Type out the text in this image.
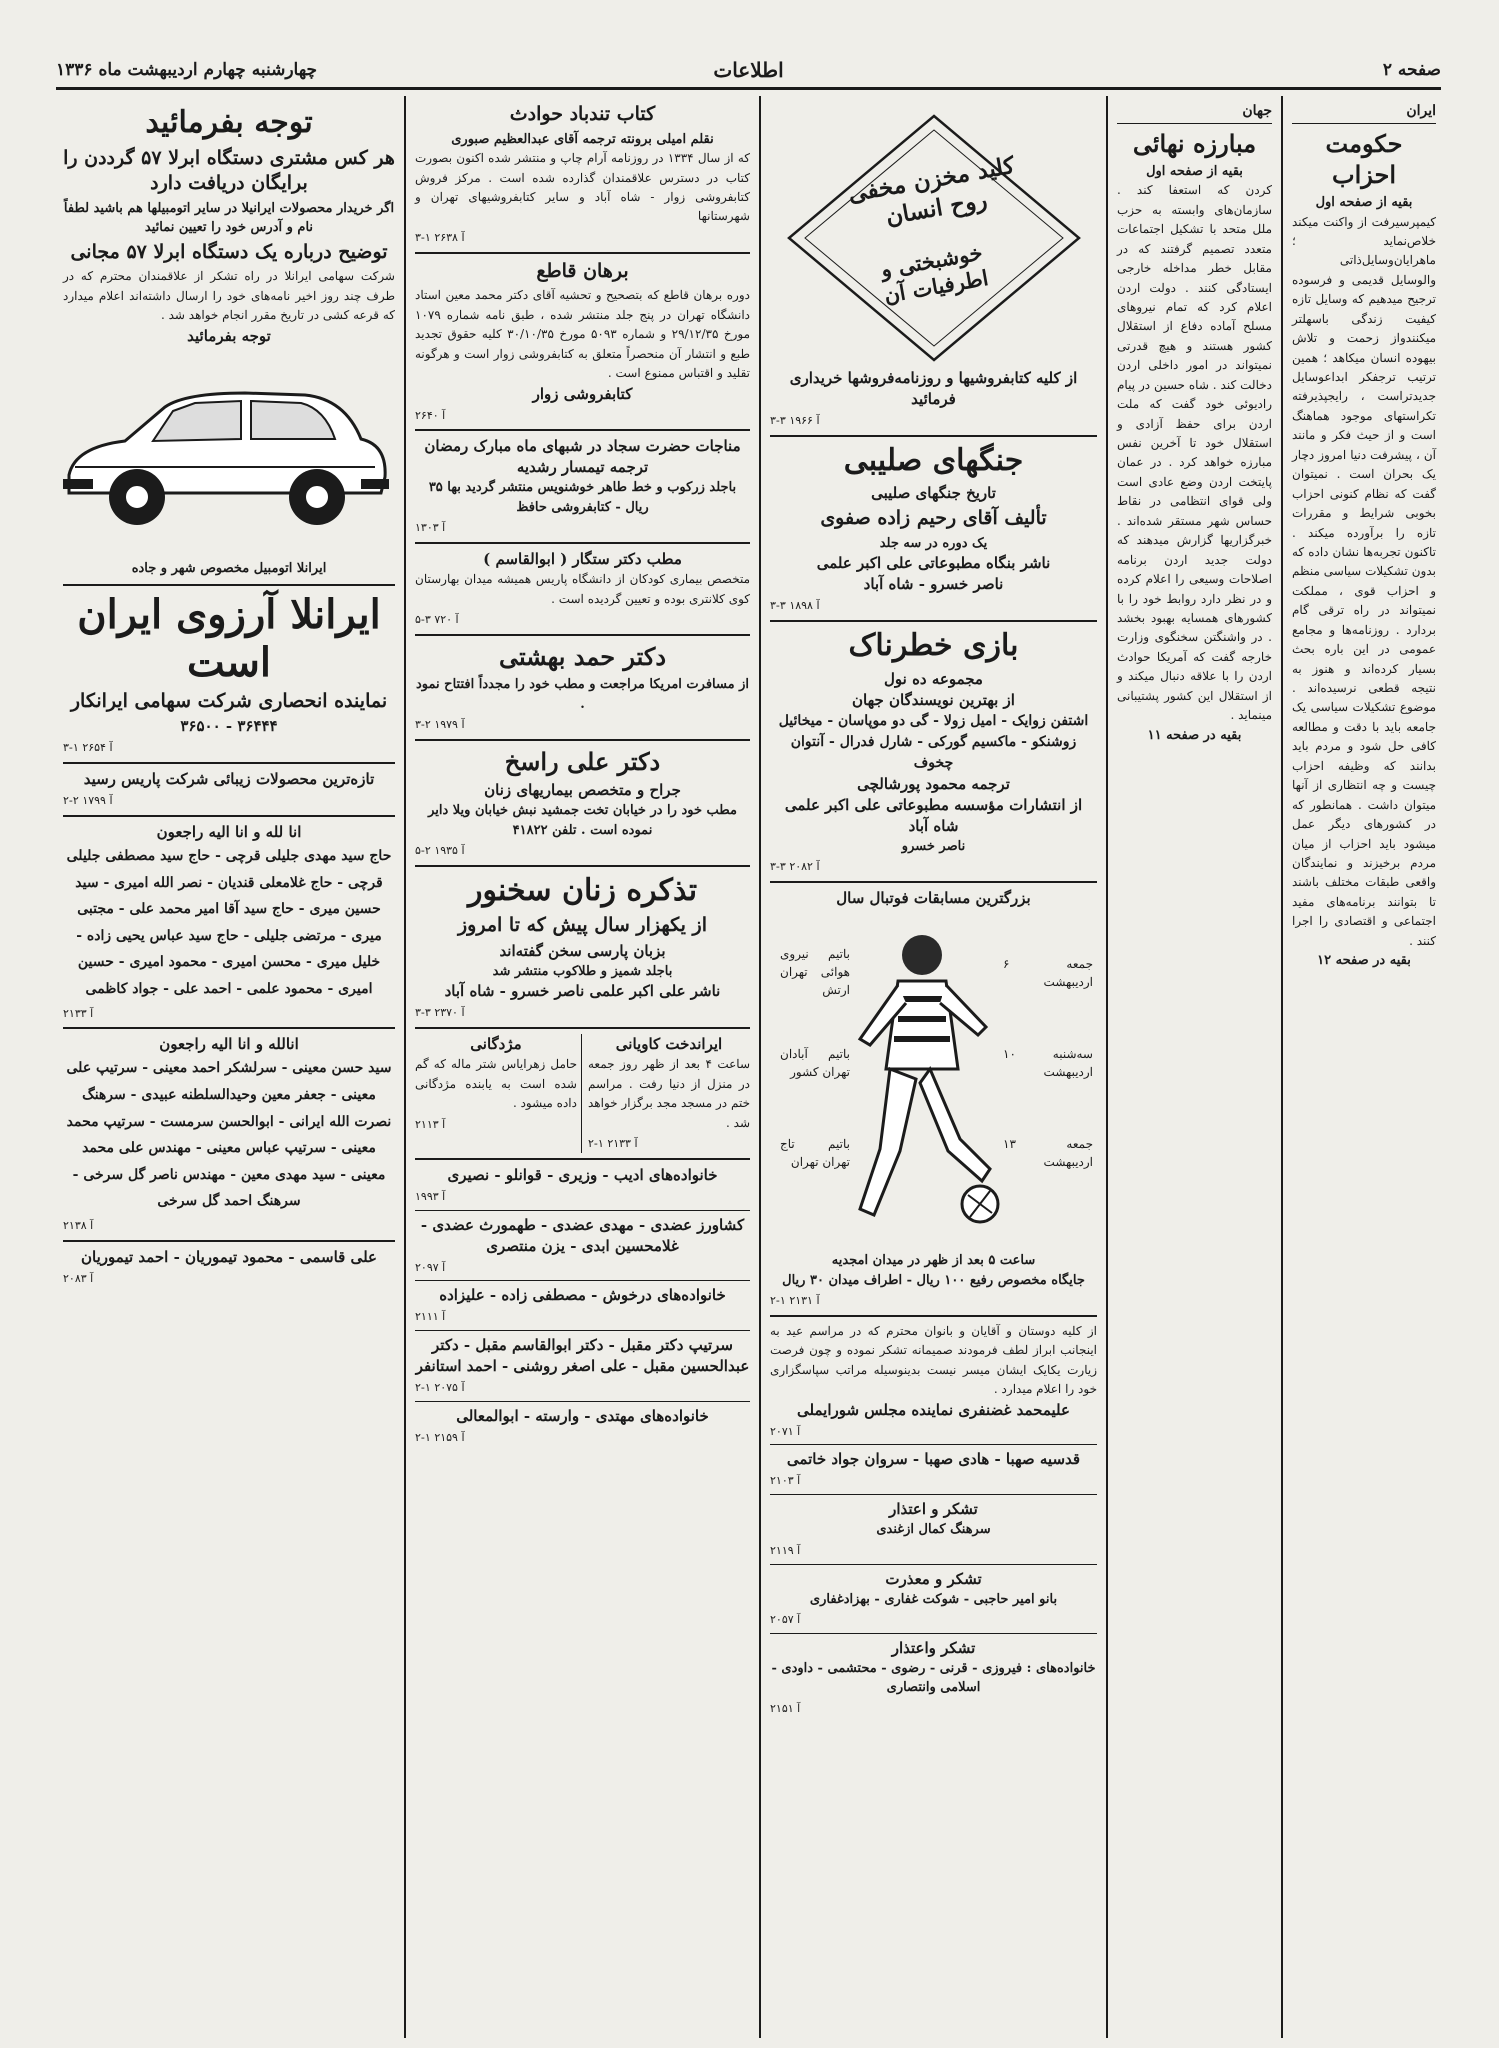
صفحه ۲
اطلاعات
چهارشنبه چهارم اردیبهشت ماه ۱۳۳۶
ایران
حکومت احزاب
بقیه از صفحه اول
کیمپرسیرفت از واکنت میکند خلاص‌نماید ؛ ماهرایان‌وسایل‌ذاتی والوسایل قدیمی و فرسوده ترجیح میدهیم که وسایل تازه کیفیت زندگی باسهلتر میکنندواز زحمت و تلاش بیهوده انسان میکاهد ؛ همین ترتیب ترجفکر ابداعوسایل جدیدتراست ، رایجپذیرفته تکراستهای موجود هماهنگ است و از حیث فکر و مانند آن ، پیشرفت دنیا امروز دچار یک بحران است . نمیتوان گفت که نظام کنونی احزاب بخوبی شرایط و مقررات تازه را برآورده میکند . تاکنون تجربه‌ها نشان داده که بدون تشکیلات سیاسی منظم و احزاب قوی ، مملکت نمیتواند در راه ترقی گام بردارد . روزنامه‌ها و مجامع عمومی در این باره بحث بسیار کرده‌اند و هنوز به نتیجه قطعی نرسیده‌اند . موضوع تشکیلات سیاسی یک جامعه باید با دقت و مطالعه کافی حل شود و مردم باید بدانند که وظیفه احزاب چیست و چه انتظاری از آنها میتوان داشت . همانطور که در کشورهای دیگر عمل میشود باید احزاب از میان مردم برخیزند و نمایندگان واقعی طبقات مختلف باشند تا بتوانند برنامه‌های مفید اجتماعی و اقتصادی را اجرا کنند .
بقیه در صفحه ۱۲
جهان
مبارزه نهائی
بقیه از صفحه اول
کردن که استعفا کند . سازمان‌های وابسته به حزب ملل متحد با تشکیل اجتماعات متعدد تصمیم گرفتند که در مقابل خطر مداخله خارجی ایستادگی کنند . دولت اردن اعلام کرد که تمام نیروهای مسلح آماده دفاع از استقلال کشور هستند و هیچ قدرتی نمیتواند در امور داخلی اردن دخالت کند . شاه حسین در پیام رادیوئی خود گفت که ملت اردن برای حفظ آزادی و استقلال خود تا آخرین نفس مبارزه خواهد کرد . در عمان پایتخت اردن وضع عادی است ولی قوای انتظامی در نقاط حساس شهر مستقر شده‌اند . خبرگزاریها گزارش میدهند که دولت جدید اردن برنامه اصلاحات وسیعی را اعلام کرده و در نظر دارد روابط خود را با کشورهای همسایه بهبود بخشد . در واشنگتن سخنگوی وزارت خارجه گفت که آمریکا حوادث اردن را با علاقه دنبال میکند و از استقلال این کشور پشتیبانی مینماید .
بقیه در صفحه ۱۱
کلید مخزن مخفی روح انسان
خوشبختی و اطرفیات آن
از کلیه کتابفروشیها و روزنامه‌فروشها خریداری فرمائید
آ ۱۹۶۶ ۳-۳
جنگهای صلیبی
تاریخ جنگهای صلیبی
تألیف آقای رحیم زاده صفوی
یک دوره در سه جلد
ناشر بنگاه مطبوعاتی علی اکبر علمی
ناصر خسرو - شاه آباد
آ ۱۸۹۸ ۳-۳
بازی خطرناک
مجموعه ده نول
از بهترین نویسندگان جهان
اشتفن زوایک - امیل زولا - گی دو موپاسان - میخائیل زوشنکو - ماکسیم گورکی - شارل فدرال - آنتوان چخوف
ترجمه محمود پورشالچی
از انتشارات مؤسسه مطبوعاتی علی اکبر علمی شاه آباد
ناصر خسرو
آ ۲۰۸۲ ۳-۳
بزرگترین مسابقات فوتبال سال
جمعه ۶ اردیبهشت
باتیم نیروی هوائی تهران ارتش
سه‌شنبه ۱۰ اردیبهشت
باتیم آبادان تهران کشور
جمعه ۱۳ اردیبهشت
باتیم تاج تهران تهران
ساعت ۵ بعد از ظهر در میدان امجدیه
جایگاه مخصوص رفیع ۱۰۰ ریال - اطراف میدان ۳۰ ریال
آ ۲۱۳۱ ۱-۲
از کلیه دوستان و آقایان و بانوان محترم که در مراسم عید به اینجانب ابراز لطف فرمودند صمیمانه تشکر نموده و چون فرصت زیارت یکایک ایشان میسر نیست بدینوسیله مراتب سپاسگزاری خود را اعلام میدارد .
علیمحمد غضنفری نماینده مجلس شورایملی
آ ۲۰۷۱
قدسیه صهبا - هادی صهبا - سروان جواد خاتمی
آ ۲۱۰۳
تشکر و اعتذار
سرهنگ کمال ازغندی
آ ۲۱۱۹
تشکر و معذرت
بانو امیر حاجبی - شوکت غفاری - بهزادغفاری
آ ۲۰۵۷
تشکر واعتذار
خانواده‌های : فیروزی - قرنی - رضوی - محتشمی - داودی - اسلامی وانتصاری
آ ۲۱۵۱
کتاب تندباد حوادث
نقلم امیلی برونته ترجمه آقای عبدالعظیم صبوری
که از سال ۱۳۳۴ در روزنامه آرام چاپ و منتشر شده اکنون بصورت کتاب در دسترس علاقمندان گذارده شده است . مرکز فروش کتابفروشی زوار - شاه آباد و سایر کتابفروشیهای تهران و شهرستانها
آ ۲۶۳۸ ۱-۳
برهان قاطع
دوره برهان قاطع که بتصحیح و تحشیه آقای دکتر محمد معین استاد دانشگاه تهران در پنج جلد منتشر شده ، طبق نامه شماره ۱۰۷۹ مورخ ۲۹/۱۲/۳۵ و شماره ۵۰۹۳ مورخ ۳۰/۱۰/۳۵ کلیه حقوق تجدید طبع و انتشار آن منحصراً متعلق به کتابفروشی زوار است و هرگونه تقلید و اقتباس ممنوع است .
کتابفروشی زوار
آ ۲۶۴۰
مناجات حضرت سجاد در شبهای ماه مبارک رمضان
ترجمه تیمسار رشدیه
باجلد زرکوب و خط طاهر خوشنویس منتشر گردید بها ۳۵ ریال - کتابفروشی حافظ
آ ۱۳۰۳
مطب دکتر ستگار ( ابوالقاسم )
متخصص بیماری کودکان از دانشگاه پاریس همیشه میدان بهارستان کوی کلانتری بوده و تعیین گردیده است .
آ ۷۲۰ ۳-۵
دکتر حمد بهشتی
از مسافرت امریکا مراجعت و مطب خود را مجدداً افتتاح نمود .
آ ۱۹۷۹ ۲-۳
دکتر علی راسخ
جراح و متخصص بیماریهای زنان
مطب خود را در خیابان تخت جمشید نبش خیابان ویلا دایر نموده است . تلفن ۴۱۸۲۲
آ ۱۹۳۵ ۲-۵
تذکره زنان سخنور
از یکهزار سال پیش که تا امروز
بزبان پارسی سخن گفته‌اند
باجلد شمیز و طلاکوب منتشر شد
ناشر علی اکبر علمی ناصر خسرو - شاه آباد
آ ۲۳۷۰ ۳-۳
ایراندخت کاویانی
ساعت ۴ بعد از ظهر روز جمعه در منزل از دنیا رفت . مراسم ختم در مسجد مجد برگزار خواهد شد .
آ ۲۱۳۳ ۱-۲
مژدگانی
حامل زهرایاس شتر ماله که گم شده است به یابنده مژدگانی داده میشود .
آ ۲۱۱۳
خانواده‌های ادیب - وزیری - قوانلو - نصیری
آ ۱۹۹۳
کشاورز عضدی - مهدی عضدی - طهمورث عضدی - غلامحسین ابدی - یزن منتصری
آ ۲۰۹۷
خانواده‌های درخوش - مصطفی زاده - علیزاده
آ ۲۱۱۱
سرتیپ دکتر مقبل - دکتر ابوالقاسم مقبل - دکتر عبدالحسین مقبل - علی اصغر روشنی - احمد استانفر
آ ۲۰۷۵ ۱-۲
خانواده‌های مهتدی - وارسته - ابوالمعالی
آ ۲۱۵۹ ۱-۲
توجه بفرمائید
هر کس مشتری دستگاه ابرلا ۵۷ گرددن را برایگان دریافت دارد
اگر خریدار محصولات ایرانیلا در سایر اتومبیلها هم باشید لطفاً نام و آدرس خود را تعیین نمائید
توضیح درباره یک دستگاه ابرلا ۵۷ مجانی
شرکت سهامی ایرانلا در راه تشکر از علاقمندان محترم که در طرف چند روز اخیر نامه‌های خود را ارسال داشته‌اند اعلام میدارد که قرعه کشی در تاریخ مقرر انجام خواهد شد .
توجه بفرمائید
ایرانلا اتومبیل مخصوص شهر و جاده
ایرانلا آرزوی ایران است
نماینده انحصاری شرکت سهامی ایرانکار
۳۶۴۴۴ - ۳۶۵۰۰
آ ۲۶۵۴ ۱-۳
تازه‌ترین محصولات زیبائی شرکت پاریس رسید
آ ۱۷۹۹ ۲-۲
انا لله و انا الیه راجعون
حاج سید مهدی جلیلی قرچی - حاج سید مصطفی جلیلی قرچی - حاج غلامعلی قندیان - نصر الله امیری - سید حسین میری - حاج سید آقا امیر محمد علی - مجتبی میری - مرتضی جلیلی - حاج سید عباس یحیی زاده - خلیل میری - محسن امیری - محمود امیری - حسین امیری - محمود علمی - احمد علی - جواد کاظمی
آ ۲۱۳۳
انالله و انا الیه راجعون
سید حسن معینی - سرلشکر احمد معینی - سرتیپ علی معینی - جعفر معین وحیدالسلطنه عبیدی - سرهنگ نصرت الله ایرانی - ابوالحسن سرمست - سرتیپ محمد معینی - سرتیپ عباس معینی - مهندس علی محمد معینی - سید مهدی معین - مهندس ناصر گل سرخی - سرهنگ احمد گل سرخی
آ ۲۱۳۸
علی قاسمی - محمود تیموریان - احمد تیموریان
آ ۲۰۸۳
